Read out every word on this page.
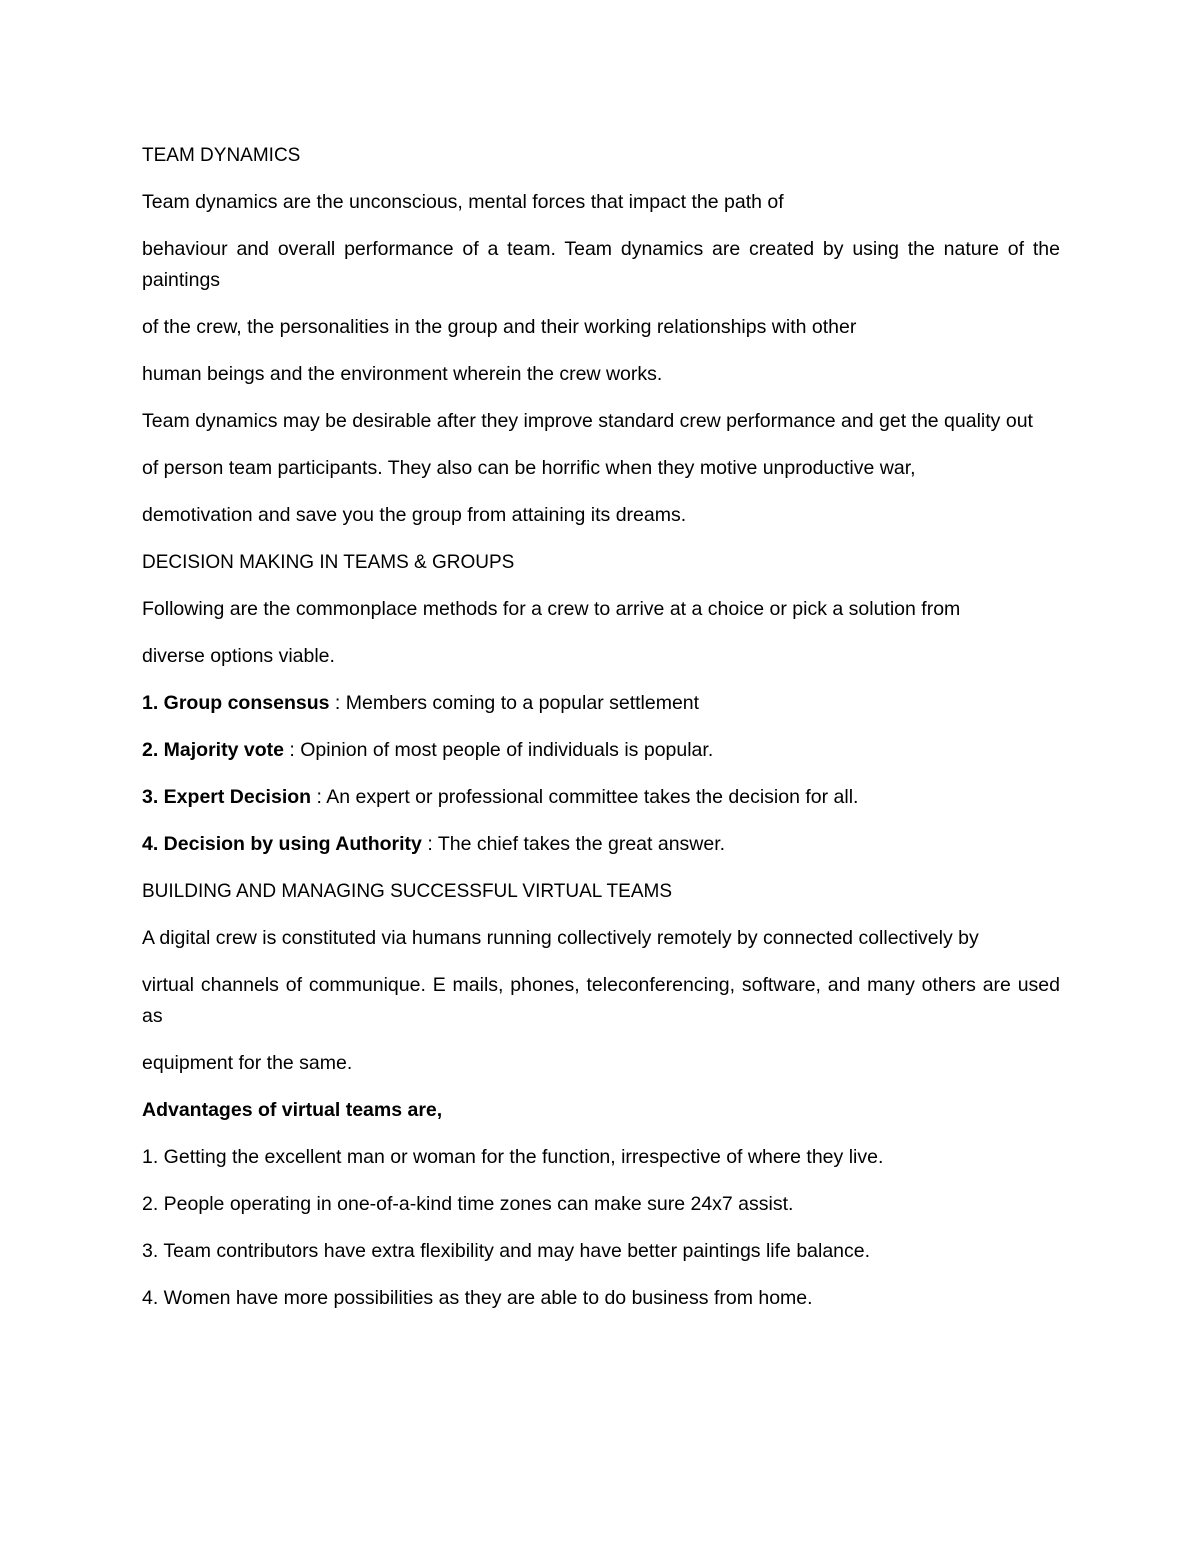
TEAM DYNAMICS

Team dynamics are the unconscious, mental forces that impact the path of

behaviour and overall performance of a team. Team dynamics are created by using the nature of the paintings

of the crew, the personalities in the group and their working relationships with other

human beings and the environment wherein the crew works.

Team dynamics may be desirable after they improve standard crew performance and get the quality out

of person team participants. They also can be horrific when they motive unproductive war,

demotivation and save you the group from attaining its dreams.

DECISION MAKING IN TEAMS & GROUPS

Following are the commonplace methods for a crew to arrive at a choice or pick a solution from

diverse options viable.

1. Group consensus : Members coming to a popular settlement

2. Majority vote : Opinion of most people of individuals is popular.

3. Expert Decision : An expert or professional committee takes the decision for all.

4. Decision by using Authority : The chief takes the great answer.

BUILDING AND MANAGING SUCCESSFUL VIRTUAL TEAMS

A digital crew is constituted via humans running collectively remotely by connected collectively by

virtual channels of communique. E mails, phones, teleconferencing, software, and many others are used as

equipment for the same.

Advantages of virtual teams are,

1. Getting the excellent man or woman for the function, irrespective of where they live.

2. People operating in one-of-a-kind time zones can make sure 24x7 assist.

3. Team contributors have extra flexibility and may have better paintings life balance.

4. Women have more possibilities as they are able to do business from home.
